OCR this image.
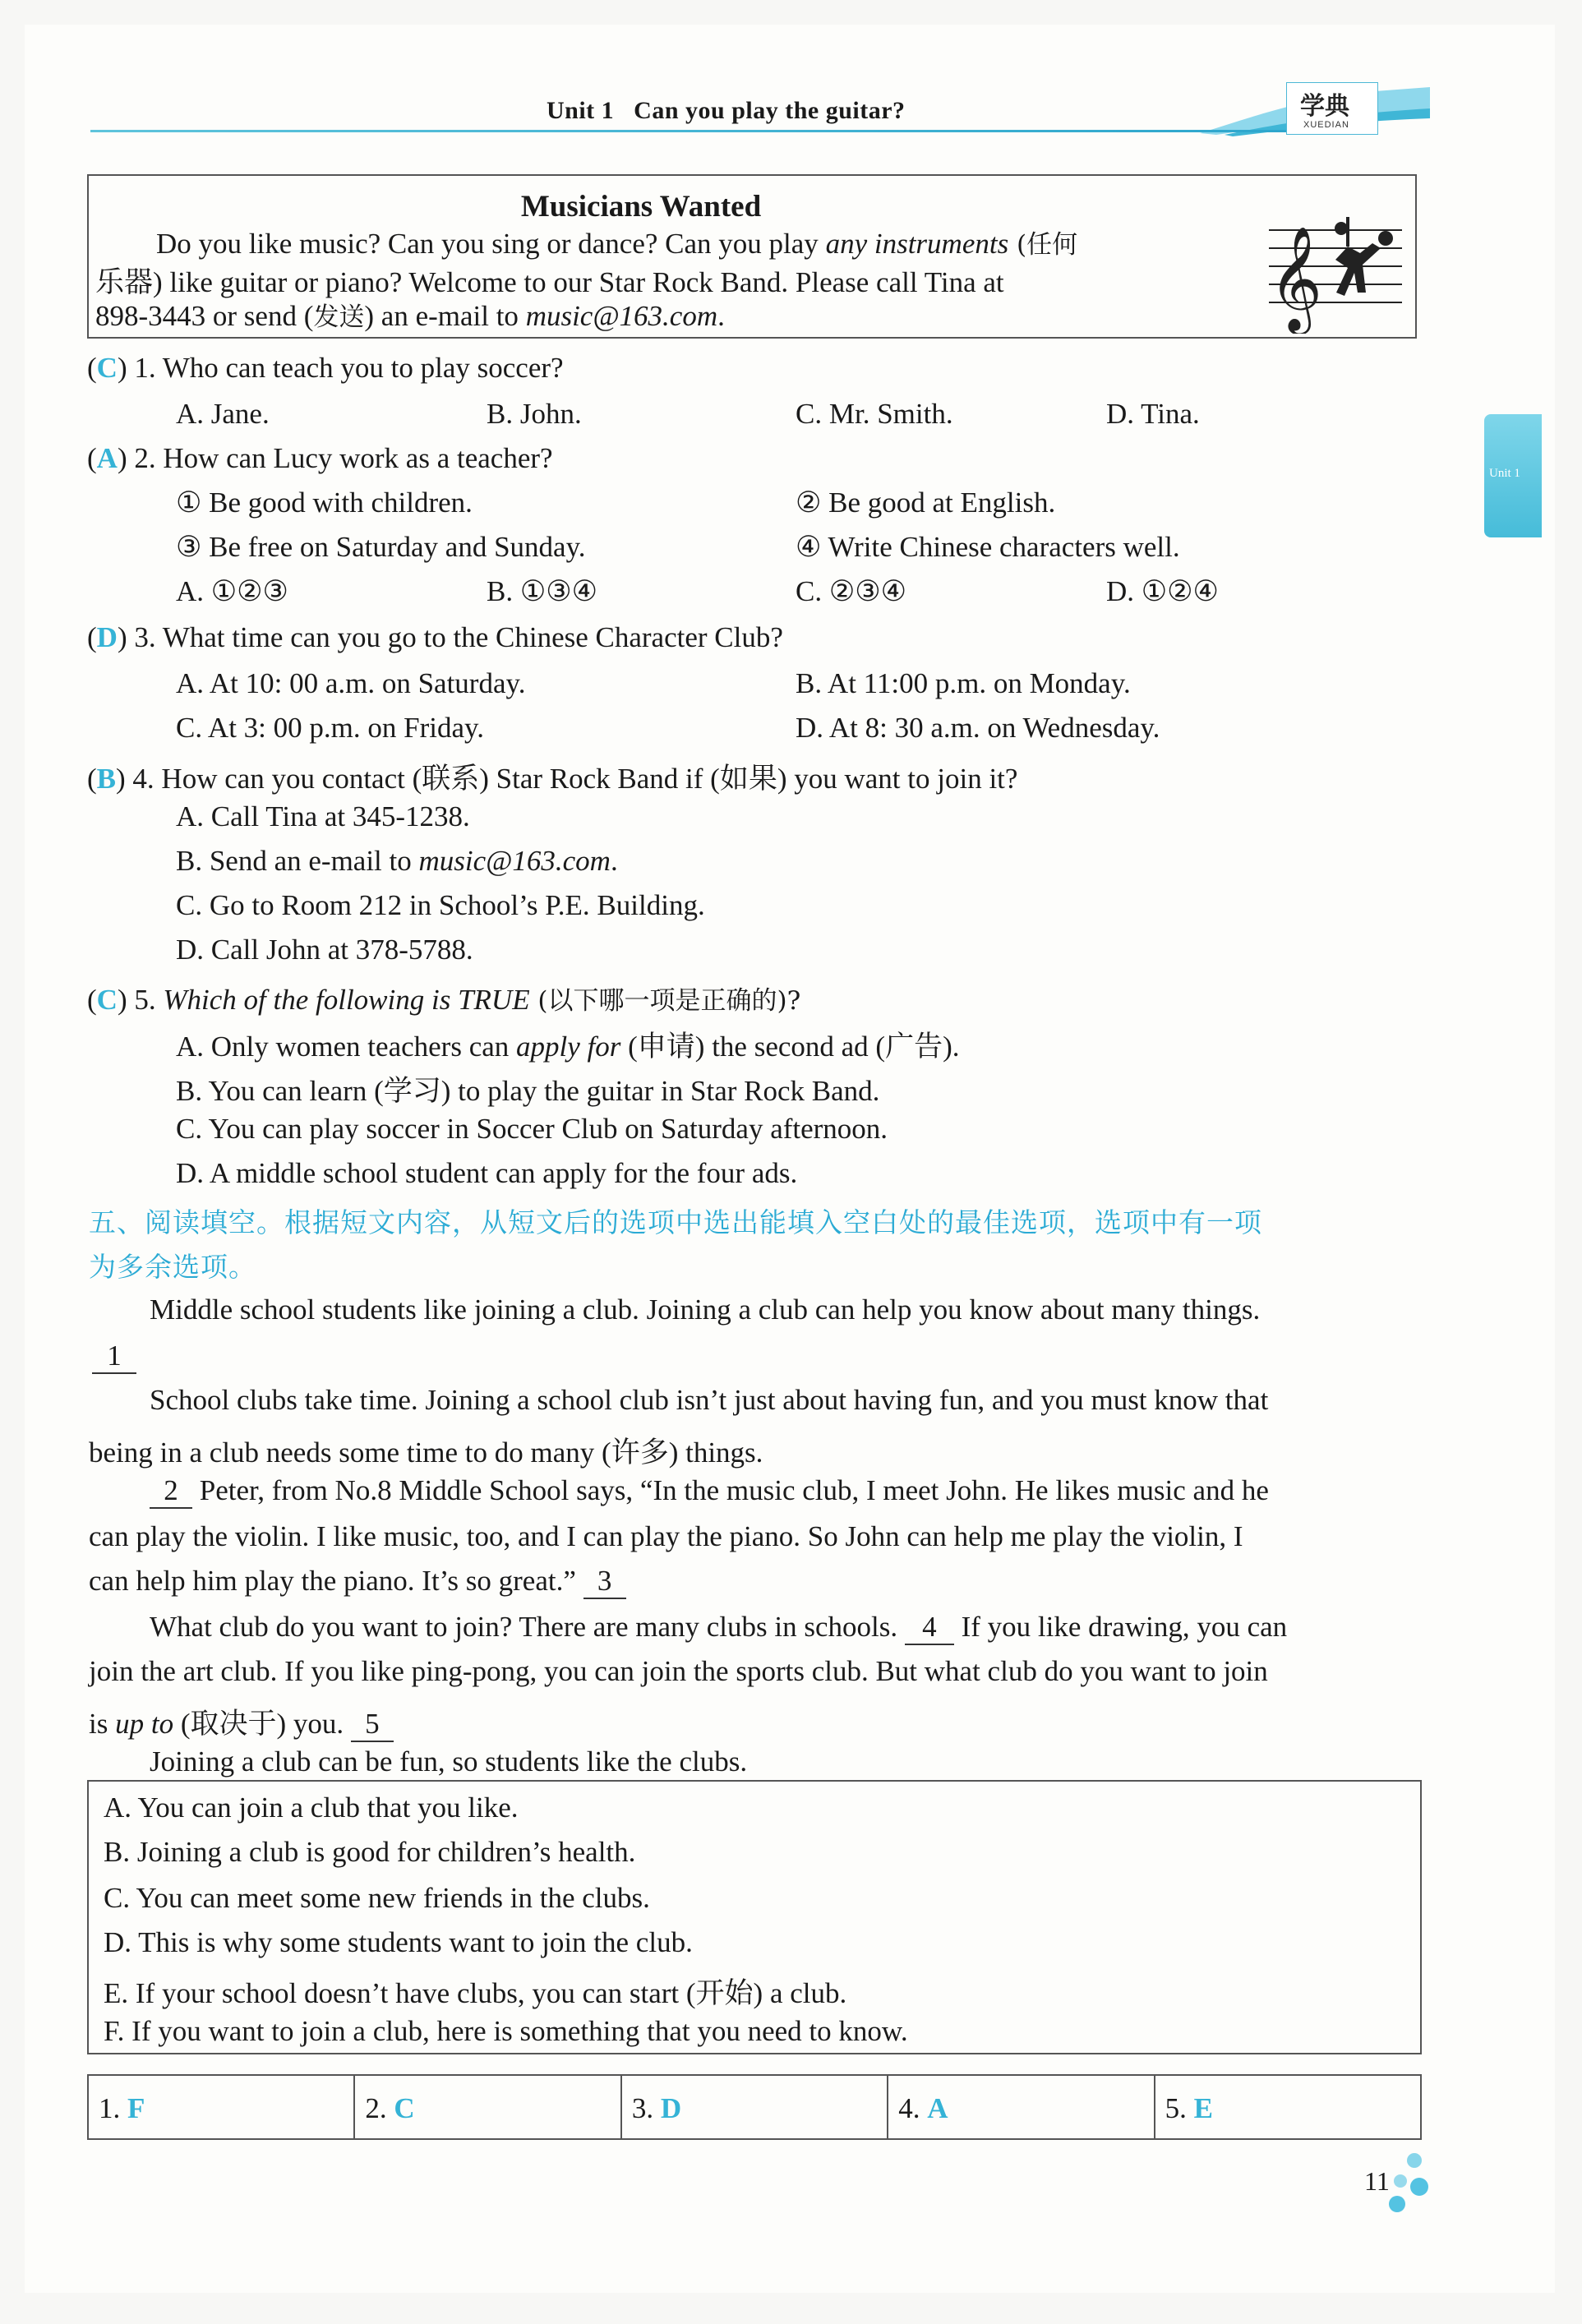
Unit 1   Can you play the guitar?	学典
XUEDIAN
Unit 1
Musicians Wanted
Do you like music? Can you sing or dance? Can you play any instruments (任何
乐器) like guitar or piano? Welcome to our Star Rock Band. Please call Tina at
898-3443 or send (发送) an e-mail to music@163.com.	𝄞
(C) 1. Who can teach you to play soccer?
A. Jane.	B. John.	C. Mr. Smith.	D. Tina.
(A) 2. How can Lucy work as a teacher?
① Be good with children.	② Be good at English.
③ Be free on Saturday and Sunday.	④ Write Chinese characters well.
A. ①②③	B. ①③④	C. ②③④	D. ①②④
(D) 3. What time can you go to the Chinese Character Club?
A. At 10: 00 a.m. on Saturday.	B. At 11:00 p.m. on Monday.
C. At 3: 00 p.m. on Friday.	D. At 8: 30 a.m. on Wednesday.
(B) 4. How can you contact (联系) Star Rock Band if (如果) you want to join it?
A. Call Tina at 345-1238.
B. Send an e-mail to music@163.com.
C. Go to Room 212 in School’s P.E. Building.
D. Call John at 378-5788.
(C) 5. Which of the following is TRUE (以下哪一项是正确的)?
A. Only women teachers can apply for (申请) the second ad (广告).
B. You can learn (学习) to play the guitar in Star Rock Band.
C. You can play soccer in Soccer Club on Saturday afternoon.
D. A middle school student can apply for the four ads.
五、阅读填空。根据短文内容，从短文后的选项中选出能填入空白处的最佳选项，选项中有一项
为多余选项。
Middle school students like joining a club. Joining a club can help you know about many things.
1
School clubs take time. Joining a school club isn’t just about having fun, and you must know that
being in a club needs some time to do many (许多) things.
2 Peter, from No.8 Middle School says, “In the music club, I meet John. He likes music and he
can play the violin. I like music, too, and I can play the piano. So John can help me play the violin, I
can help him play the piano. It’s so great.” 3
What club do you want to join? There are many clubs in schools. 4 If you like drawing, you can
join the art club. If you like ping-pong, you can join the sports club. But what club do you want to join
is up to (取决于) you. 5
Joining a club can be fun, so students like the clubs.
A. You can join a club that you like.
B. Joining a club is good for children’s health.
C. You can meet some new friends in the clubs.
D. This is why some students want to join the club.
E. If your school doesn’t have clubs, you can start (开始) a club.
F. If you want to join a club, here is something that you need to know.
1. F	2. C	3. D	4. A	5. E
11
